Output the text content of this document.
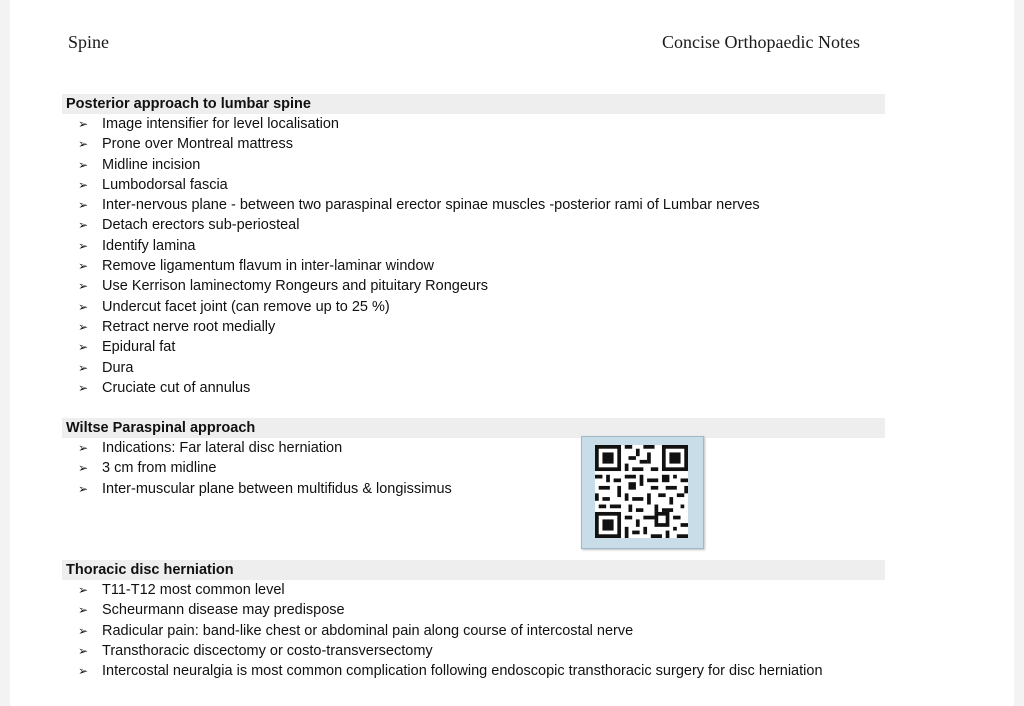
Spine	Concise Orthopaedic Notes
Posterior approach to lumbar spine
➢ Image intensifier for level localisation
➢ Prone over Montreal mattress
➢ Midline incision
➢ Lumbodorsal fascia
➢ Inter-nervous plane - between two paraspinal erector spinae muscles -posterior rami of Lumbar nerves
➢ Detach erectors sub-periosteal
➢ Identify lamina
➢ Remove ligamentum flavum in inter-laminar window
➢ Use Kerrison laminectomy Rongeurs and pituitary Rongeurs
➢ Undercut facet joint (can remove up to 25 %)
➢ Retract nerve root medially
➢ Epidural fat
➢ Dura
➢ Cruciate cut of annulus
Wiltse Paraspinal approach
➢ Indications: Far lateral disc herniation
➢ 3 cm from midline
➢ Inter-muscular plane between multifidus & longissimus
Thoracic disc herniation
➢ T11-T12 most common level
➢ Scheurmann disease may predispose
➢ Radicular pain: band-like chest or abdominal pain along course of intercostal nerve
➢ Transthoracic discectomy or costo-transversectomy
➢ Intercostal neuralgia is most common complication following endoscopic transthoracic surgery for disc herniation
